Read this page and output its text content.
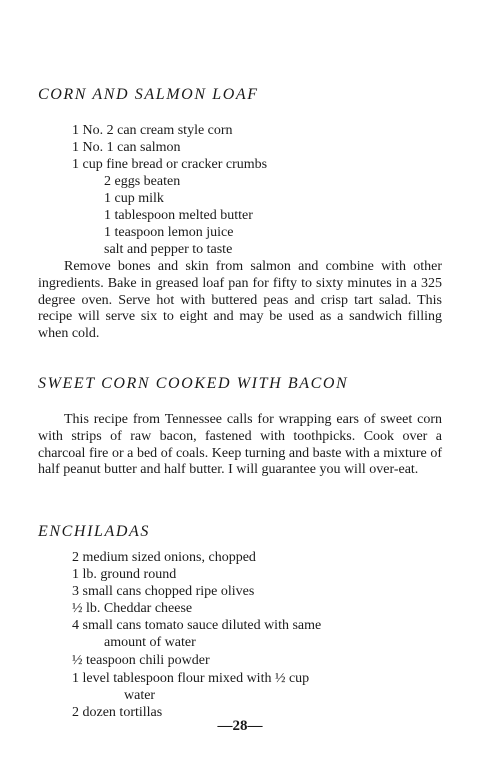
CORN AND SALMON LOAF
1 No. 2 can cream style corn
1 No. 1 can salmon
1 cup fine bread or cracker crumbs
2 eggs beaten
1 cup milk
1 tablespoon melted butter
1 teaspoon lemon juice
salt and pepper to taste

Remove bones and skin from salmon and combine with other ingredients. Bake in greased loaf pan for fifty to sixty minutes in a 325 degree oven. Serve hot with buttered peas and crisp tart salad. This recipe will serve six to eight and may be used as a sandwich filling when cold.

SWEET CORN COOKED WITH BACON

This recipe from Tennessee calls for wrapping ears of sweet corn with strips of raw bacon, fastened with toothpicks. Cook over a charcoal fire or a bed of coals. Keep turning and baste with a mixture of half peanut butter and half butter. I will guarantee you will over-eat.

ENCHILADAS
2 medium sized onions, chopped
1 lb. ground round
3 small cans chopped ripe olives
½ lb. Cheddar cheese
4 small cans tomato sauce diluted with same
amount of water
½ teaspoon chili powder
1 level tablespoon flour mixed with ½ cup
water
2 dozen tortillas
—28—
